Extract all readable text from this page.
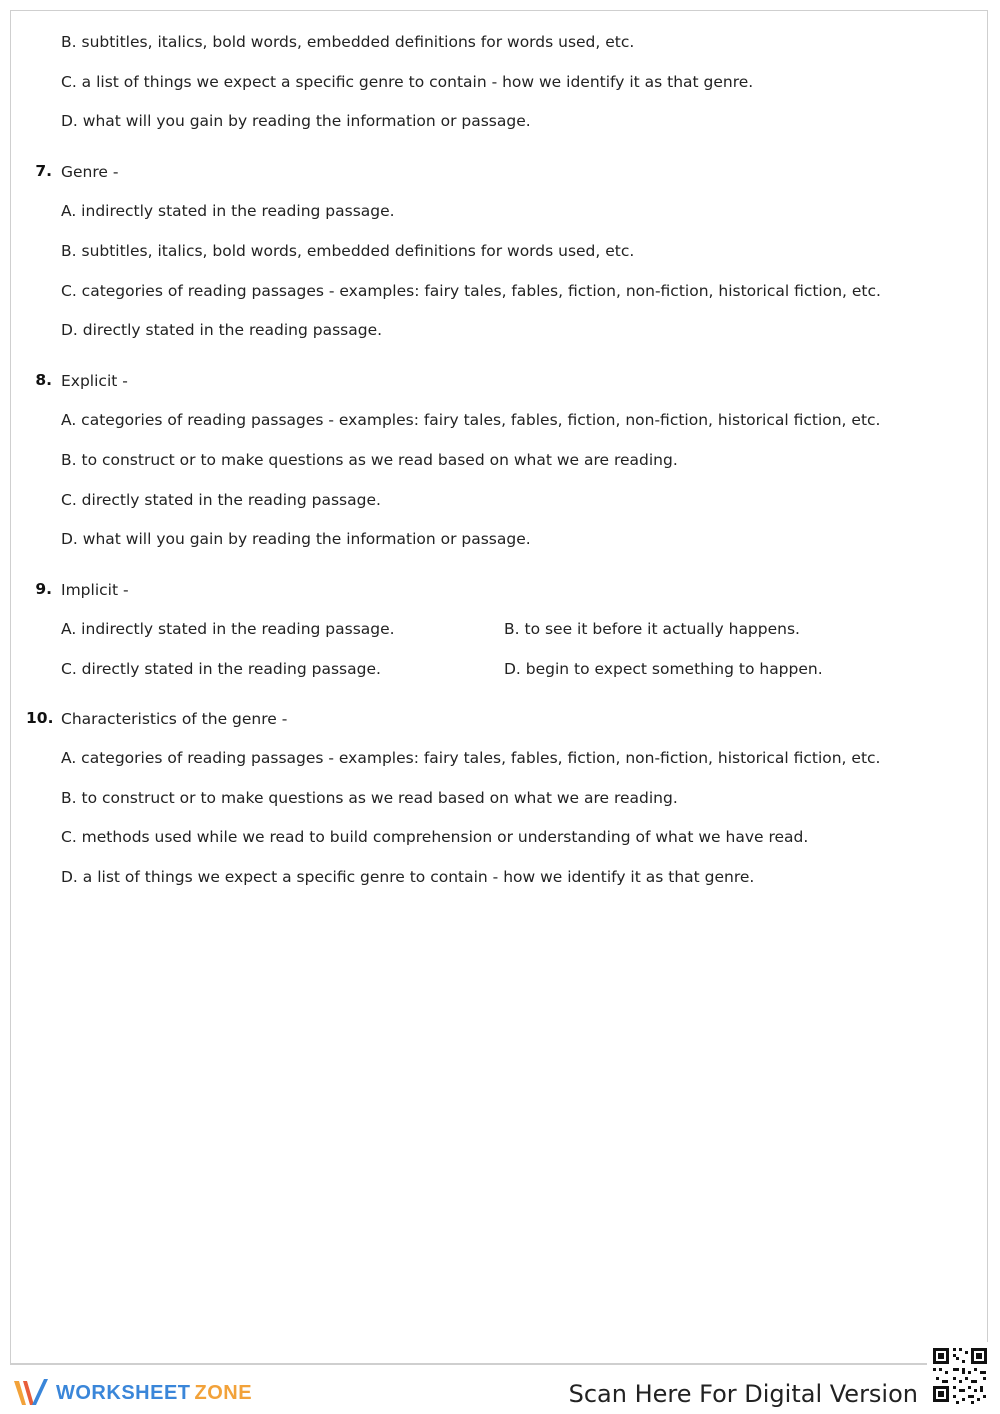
B. subtitles, italics, bold words, embedded definitions for words used, etc.
C. a list of things we expect a specific genre to contain - how we identify it as that genre.
D. what will you gain by reading the information or passage.
7. Genre -
A. indirectly stated in the reading passage.
B. subtitles, italics, bold words, embedded definitions for words used, etc.
C. categories of reading passages - examples: fairy tales, fables, fiction, non-fiction, historical fiction, etc.
D. directly stated in the reading passage.
8. Explicit -
A. categories of reading passages - examples: fairy tales, fables, fiction, non-fiction, historical fiction, etc.
B. to construct or to make questions as we read based on what we are reading.
C. directly stated in the reading passage.
D. what will you gain by reading the information or passage.
9. Implicit -
A. indirectly stated in the reading passage.	B. to see it before it actually happens.
C. directly stated in the reading passage.	D. begin to expect something to happen.
10. Characteristics of the genre -
A. categories of reading passages - examples: fairy tales, fables, fiction, non-fiction, historical fiction, etc.
B. to construct or to make questions as we read based on what we are reading.
C. methods used while we read to build comprehension or understanding of what we have read.
D. a list of things we expect a specific genre to contain - how we identify it as that genre.
WORKSHEET ZONE	Scan Here For Digital Version
